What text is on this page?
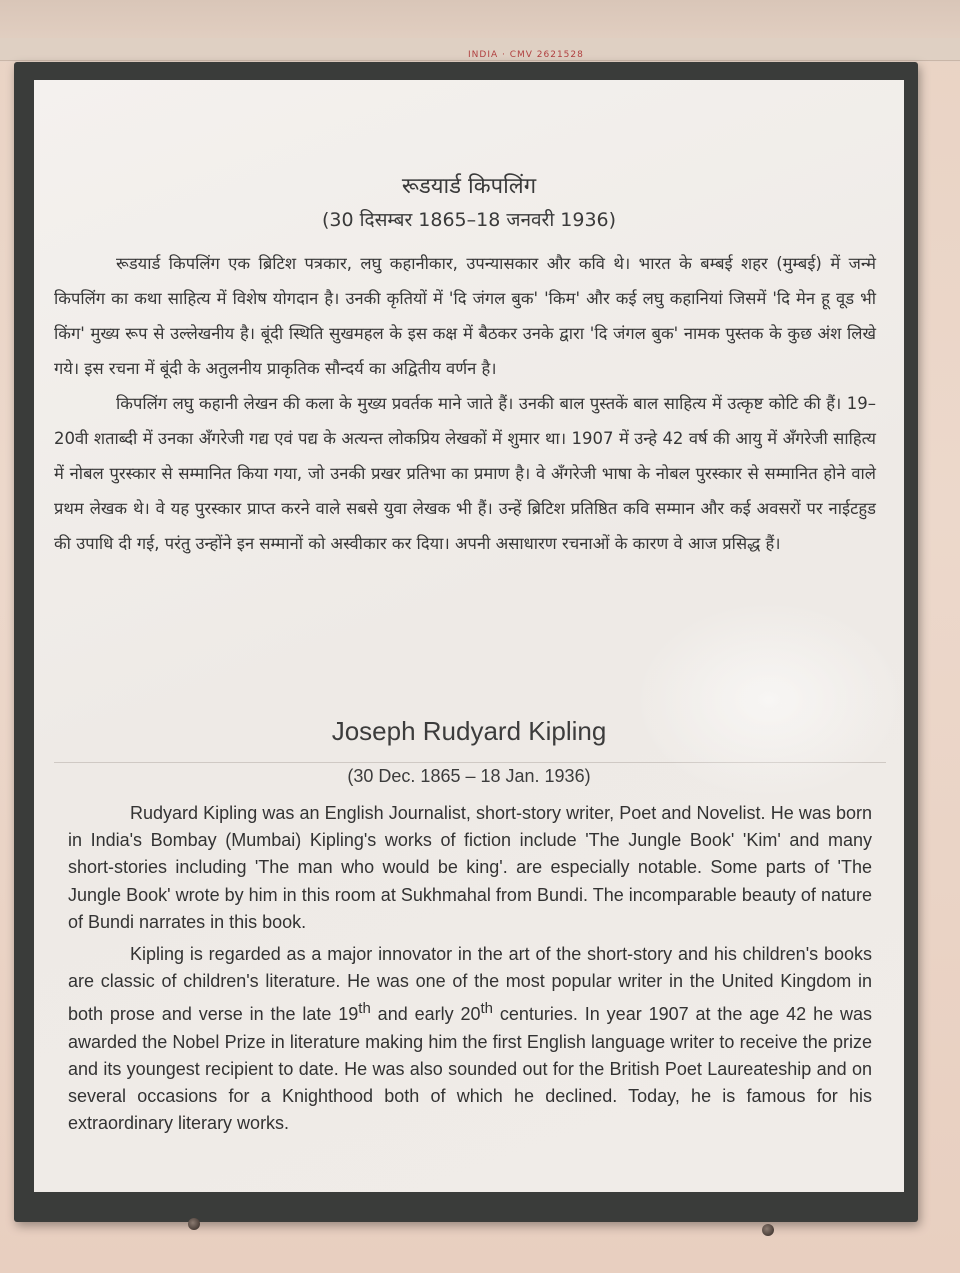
INDIA · CMV 2621528
रूडयार्ड किपलिंग
(30 दिसम्बर 1865–18 जनवरी 1936)

रूडयार्ड किपलिंग एक ब्रिटिश पत्रकार, लघु कहानीकार, उपन्यासकार और कवि थे। भारत के बम्बई शहर (मुम्बई) में जन्मे किपलिंग का कथा साहित्य में विशेष योगदान है। उनकी कृतियों में 'दि जंगल बुक' 'किम' और कई लघु कहानियां जिसमें 'दि मेन हू वूड भी किंग' मुख्य रूप से उल्लेखनीय है। बूंदी स्थिति सुखमहल के इस कक्ष में बैठकर उनके द्वारा 'दि जंगल बुक' नामक पुस्तक के कुछ अंश लिखे गये। इस रचना में बूंदी के अतुलनीय प्राकृतिक सौन्दर्य का अद्वितीय वर्णन है।

किपलिंग लघु कहानी लेखन की कला के मुख्य प्रवर्तक माने जाते हैं। उनकी बाल पुस्तकें बाल साहित्य में उत्कृष्ट कोटि की हैं। 19–20वी शताब्दी में उनका अँगरेजी गद्य एवं पद्य के अत्यन्त लोकप्रिय लेखकों में शुमार था। 1907 में उन्हे 42 वर्ष की आयु में अँगरेजी साहित्य में नोबल पुरस्कार से सम्मानित किया गया, जो उनकी प्रखर प्रतिभा का प्रमाण है। वे अँगरेजी भाषा के नोबल पुरस्कार से सम्मानित होने वाले प्रथम लेखक थे। वे यह पुरस्कार प्राप्त करने वाले सबसे युवा लेखक भी हैं। उन्हें ब्रिटिश प्रतिष्ठित कवि सम्मान और कई अवसरों पर नाईटहुड की उपाधि दी गई, परंतु उन्होंने इन सम्मानों को अस्वीकार कर दिया। अपनी असाधारण रचनाओं के कारण वे आज प्रसिद्ध हैं।

Joseph Rudyard Kipling
(30 Dec. 1865 – 18 Jan. 1936)

Rudyard Kipling was an English Journalist, short-story writer, Poet and Novelist. He was born in India's Bombay (Mumbai) Kipling's works of fiction include 'The Jungle Book' 'Kim' and many short-stories including 'The man who would be king'. are especially notable. Some parts of 'The Jungle Book' wrote by him in this room at Sukhmahal from Bundi. The incomparable beauty of nature of Bundi narrates in this book.

Kipling is regarded as a major innovator in the art of the short-story and his children's books are classic of children's literature. He was one of the most popular writer in the United Kingdom in both prose and verse in the late 19th and early 20th centuries. In year 1907 at the age 42 he was awarded the Nobel Prize in literature making him the first English language writer to receive the prize and its youngest recipient to date. He was also sounded out for the British Poet Laureateship and on several occasions for a Knighthood both of which he declined. Today, he is famous for his extraordinary literary works.
